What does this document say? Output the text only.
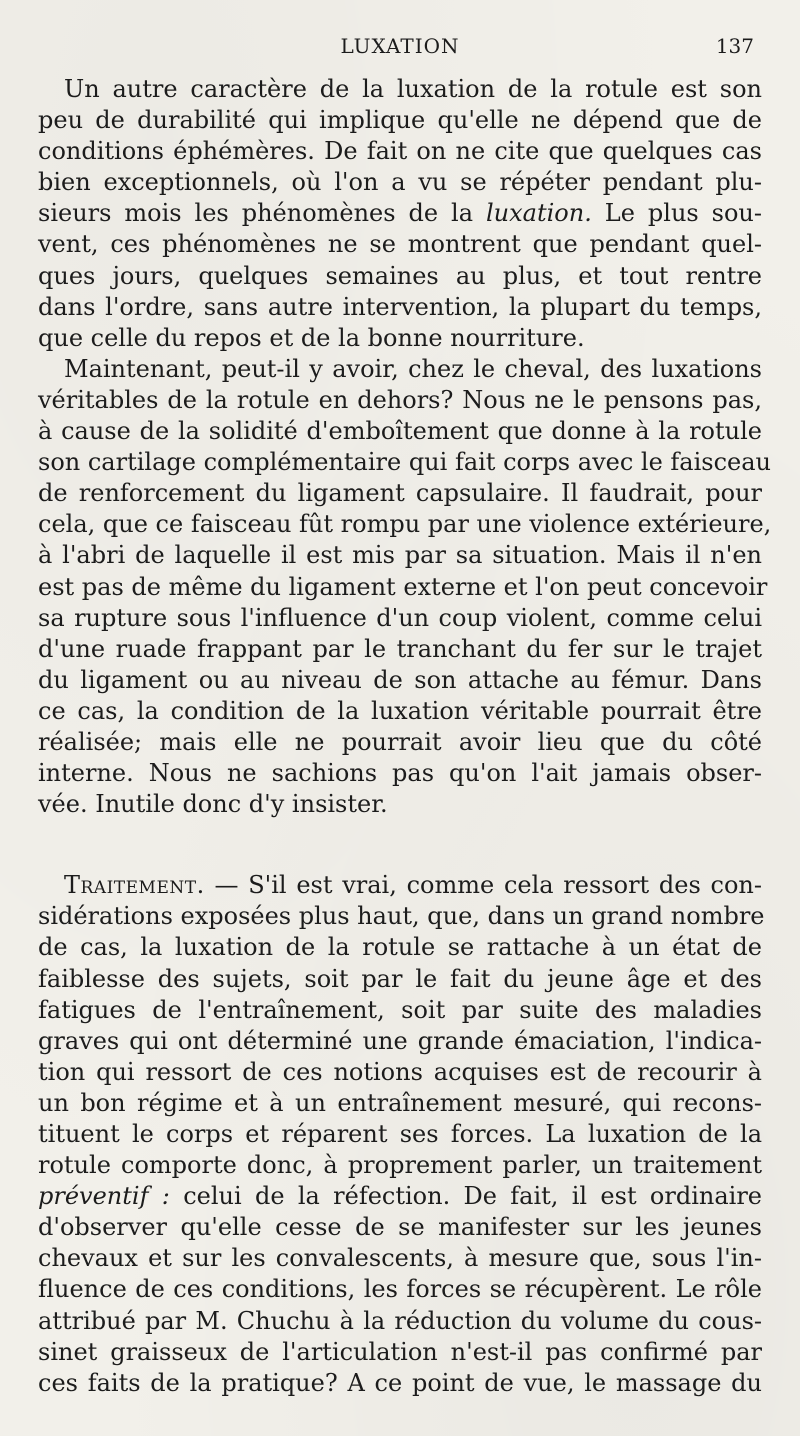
LUXATION	137
Un autre caractère de la luxation de la rotule est son
peu de durabilité qui implique qu'elle ne dépend que de
conditions éphémères. De fait on ne cite que quelques cas
bien exceptionnels, où l'on a vu se répéter pendant plu-
sieurs mois les phénomènes de la luxation. Le plus sou-
vent, ces phénomènes ne se montrent que pendant quel-
ques jours, quelques semaines au plus, et tout rentre
dans l'ordre, sans autre intervention, la plupart du temps,
que celle du repos et de la bonne nourriture.
Maintenant, peut-il y avoir, chez le cheval, des luxations
véritables de la rotule en dehors? Nous ne le pensons pas,
à cause de la solidité d'emboîtement que donne à la rotule
son cartilage complémentaire qui fait corps avec le faisceau
de renforcement du ligament capsulaire. Il faudrait, pour
cela, que ce faisceau fût rompu par une violence extérieure,
à l'abri de laquelle il est mis par sa situation. Mais il n'en
est pas de même du ligament externe et l'on peut concevoir
sa rupture sous l'influence d'un coup violent, comme celui
d'une ruade frappant par le tranchant du fer sur le trajet
du ligament ou au niveau de son attache au fémur. Dans
ce cas, la condition de la luxation véritable pourrait être
réalisée; mais elle ne pourrait avoir lieu que du côté
interne. Nous ne sachions pas qu'on l'ait jamais obser-
vée. Inutile donc d'y insister.
Traitement. — S'il est vrai, comme cela ressort des con-
sidérations exposées plus haut, que, dans un grand nombre
de cas, la luxation de la rotule se rattache à un état de
faiblesse des sujets, soit par le fait du jeune âge et des
fatigues de l'entraînement, soit par suite des maladies
graves qui ont déterminé une grande émaciation, l'indica-
tion qui ressort de ces notions acquises est de recourir à
un bon régime et à un entraînement mesuré, qui recons-
tituent le corps et réparent ses forces. La luxation de la
rotule comporte donc, à proprement parler, un traitement
préventif : celui de la réfection. De fait, il est ordinaire
d'observer qu'elle cesse de se manifester sur les jeunes
chevaux et sur les convalescents, à mesure que, sous l'in-
fluence de ces conditions, les forces se récupèrent. Le rôle
attribué par M. Chuchu à la réduction du volume du cous-
sinet graisseux de l'articulation n'est-il pas confirmé par
ces faits de la pratique? A ce point de vue, le massage du
